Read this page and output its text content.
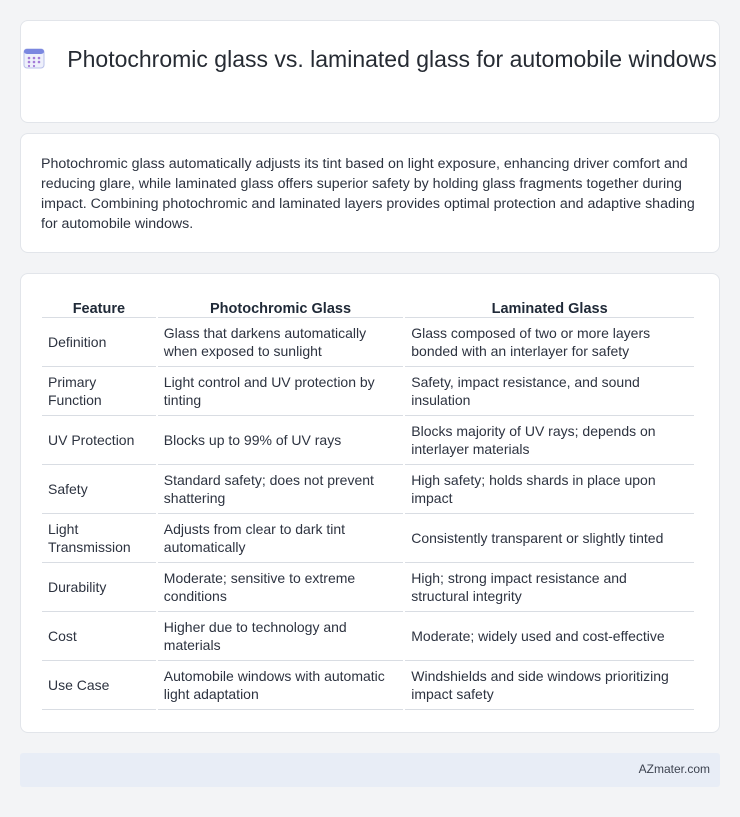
Photochromic glass vs. laminated glass for automobile windows

Photochromic glass automatically adjusts its tint based on light exposure, enhancing driver comfort and reducing glare, while laminated glass offers superior safety by holding glass fragments together during impact. Combining photochromic and laminated layers provides optimal protection and adaptive shading for automobile windows.

Feature	Photochromic Glass	Laminated Glass
Definition	Glass that darkens automatically when exposed to sunlight	Glass composed of two or more layers bonded with an interlayer for safety
Primary Function	Light control and UV protection by tinting	Safety, impact resistance, and sound insulation
UV Protection	Blocks up to 99% of UV rays	Blocks majority of UV rays; depends on interlayer materials
Safety	Standard safety; does not prevent shattering	High safety; holds shards in place upon impact
Light Transmission	Adjusts from clear to dark tint automatically	Consistently transparent or slightly tinted
Durability	Moderate; sensitive to extreme conditions	High; strong impact resistance and structural integrity
Cost	Higher due to technology and materials	Moderate; widely used and cost-effective
Use Case	Automobile windows with automatic light adaptation	Windshields and side windows prioritizing impact safety
AZmater.com
